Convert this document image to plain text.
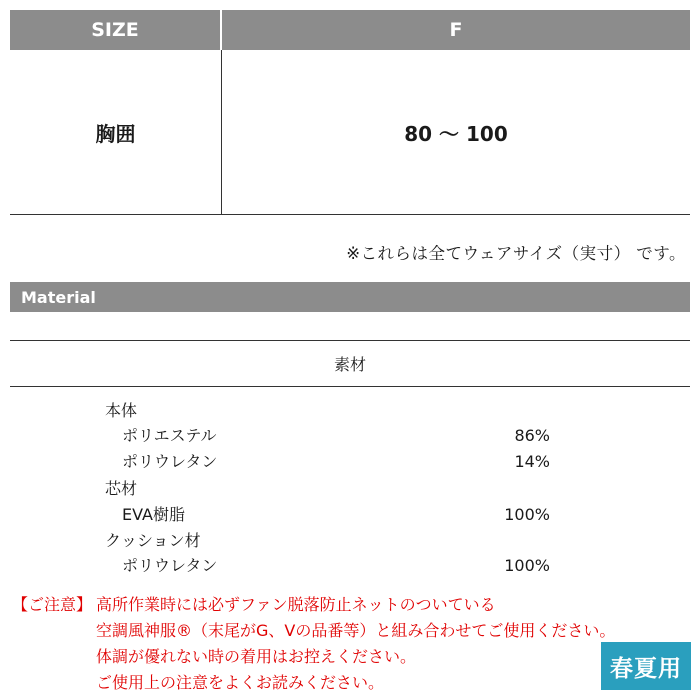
SIZE	F
胸囲	80 〜 100
※これらは全てウェアサイズ（実寸） です。
Material
素材
本体
ポリエステル	86%
ポリウレタン	14%
芯材
EVA樹脂	100%
クッション材
ポリウレタン	100%
【ご注意】 高所作業時には必ずファン脱落防止ネットのついている
空調風神服®（末尾がG、Vの品番等）と組み合わせてご使用ください。
体調が優れない時の着用はお控えください。
ご使用上の注意をよくお読みください。
春夏用
